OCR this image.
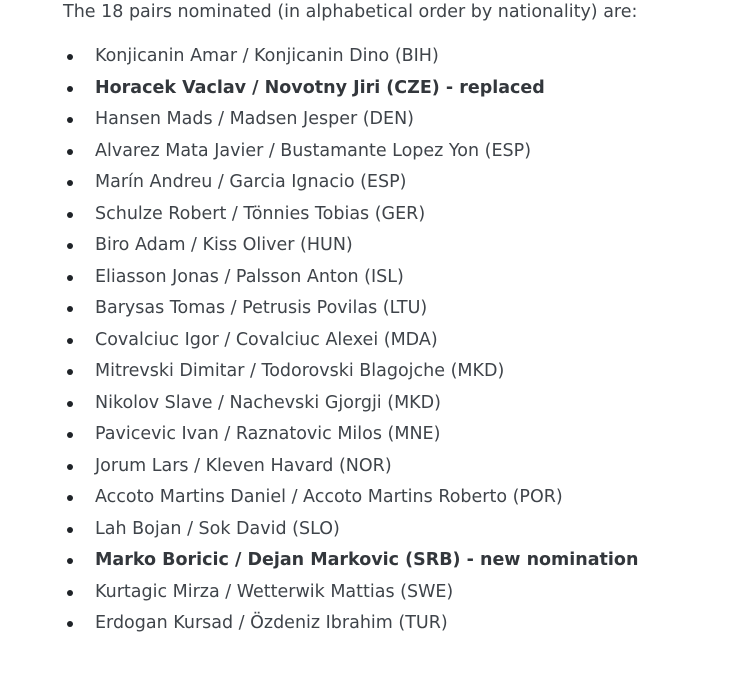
The 18 pairs nominated (in alphabetical order by nationality) are:

Konjicanin Amar / Konjicanin Dino (BIH)
Horacek Vaclav / Novotny Jiri (CZE) - replaced
Hansen Mads / Madsen Jesper (DEN)
Alvarez Mata Javier / Bustamante Lopez Yon (ESP)
Marín Andreu / Garcia Ignacio (ESP)
Schulze Robert / Tönnies Tobias (GER)
Biro Adam / Kiss Oliver (HUN)
Eliasson Jonas / Palsson Anton (ISL)
Barysas Tomas / Petrusis Povilas (LTU)
Covalciuc Igor / Covalciuc Alexei (MDA)
Mitrevski Dimitar / Todorovski Blagojche (MKD)
Nikolov Slave / Nachevski Gjorgji (MKD)
Pavicevic Ivan / Raznatovic Milos (MNE)
Jorum Lars / Kleven Havard (NOR)
Accoto Martins Daniel / Accoto Martins Roberto (POR)
Lah Bojan / Sok David (SLO)
Marko Boricic / Dejan Markovic (SRB) - new nomination
Kurtagic Mirza / Wetterwik Mattias (SWE)
Erdogan Kursad / Özdeniz Ibrahim (TUR)
